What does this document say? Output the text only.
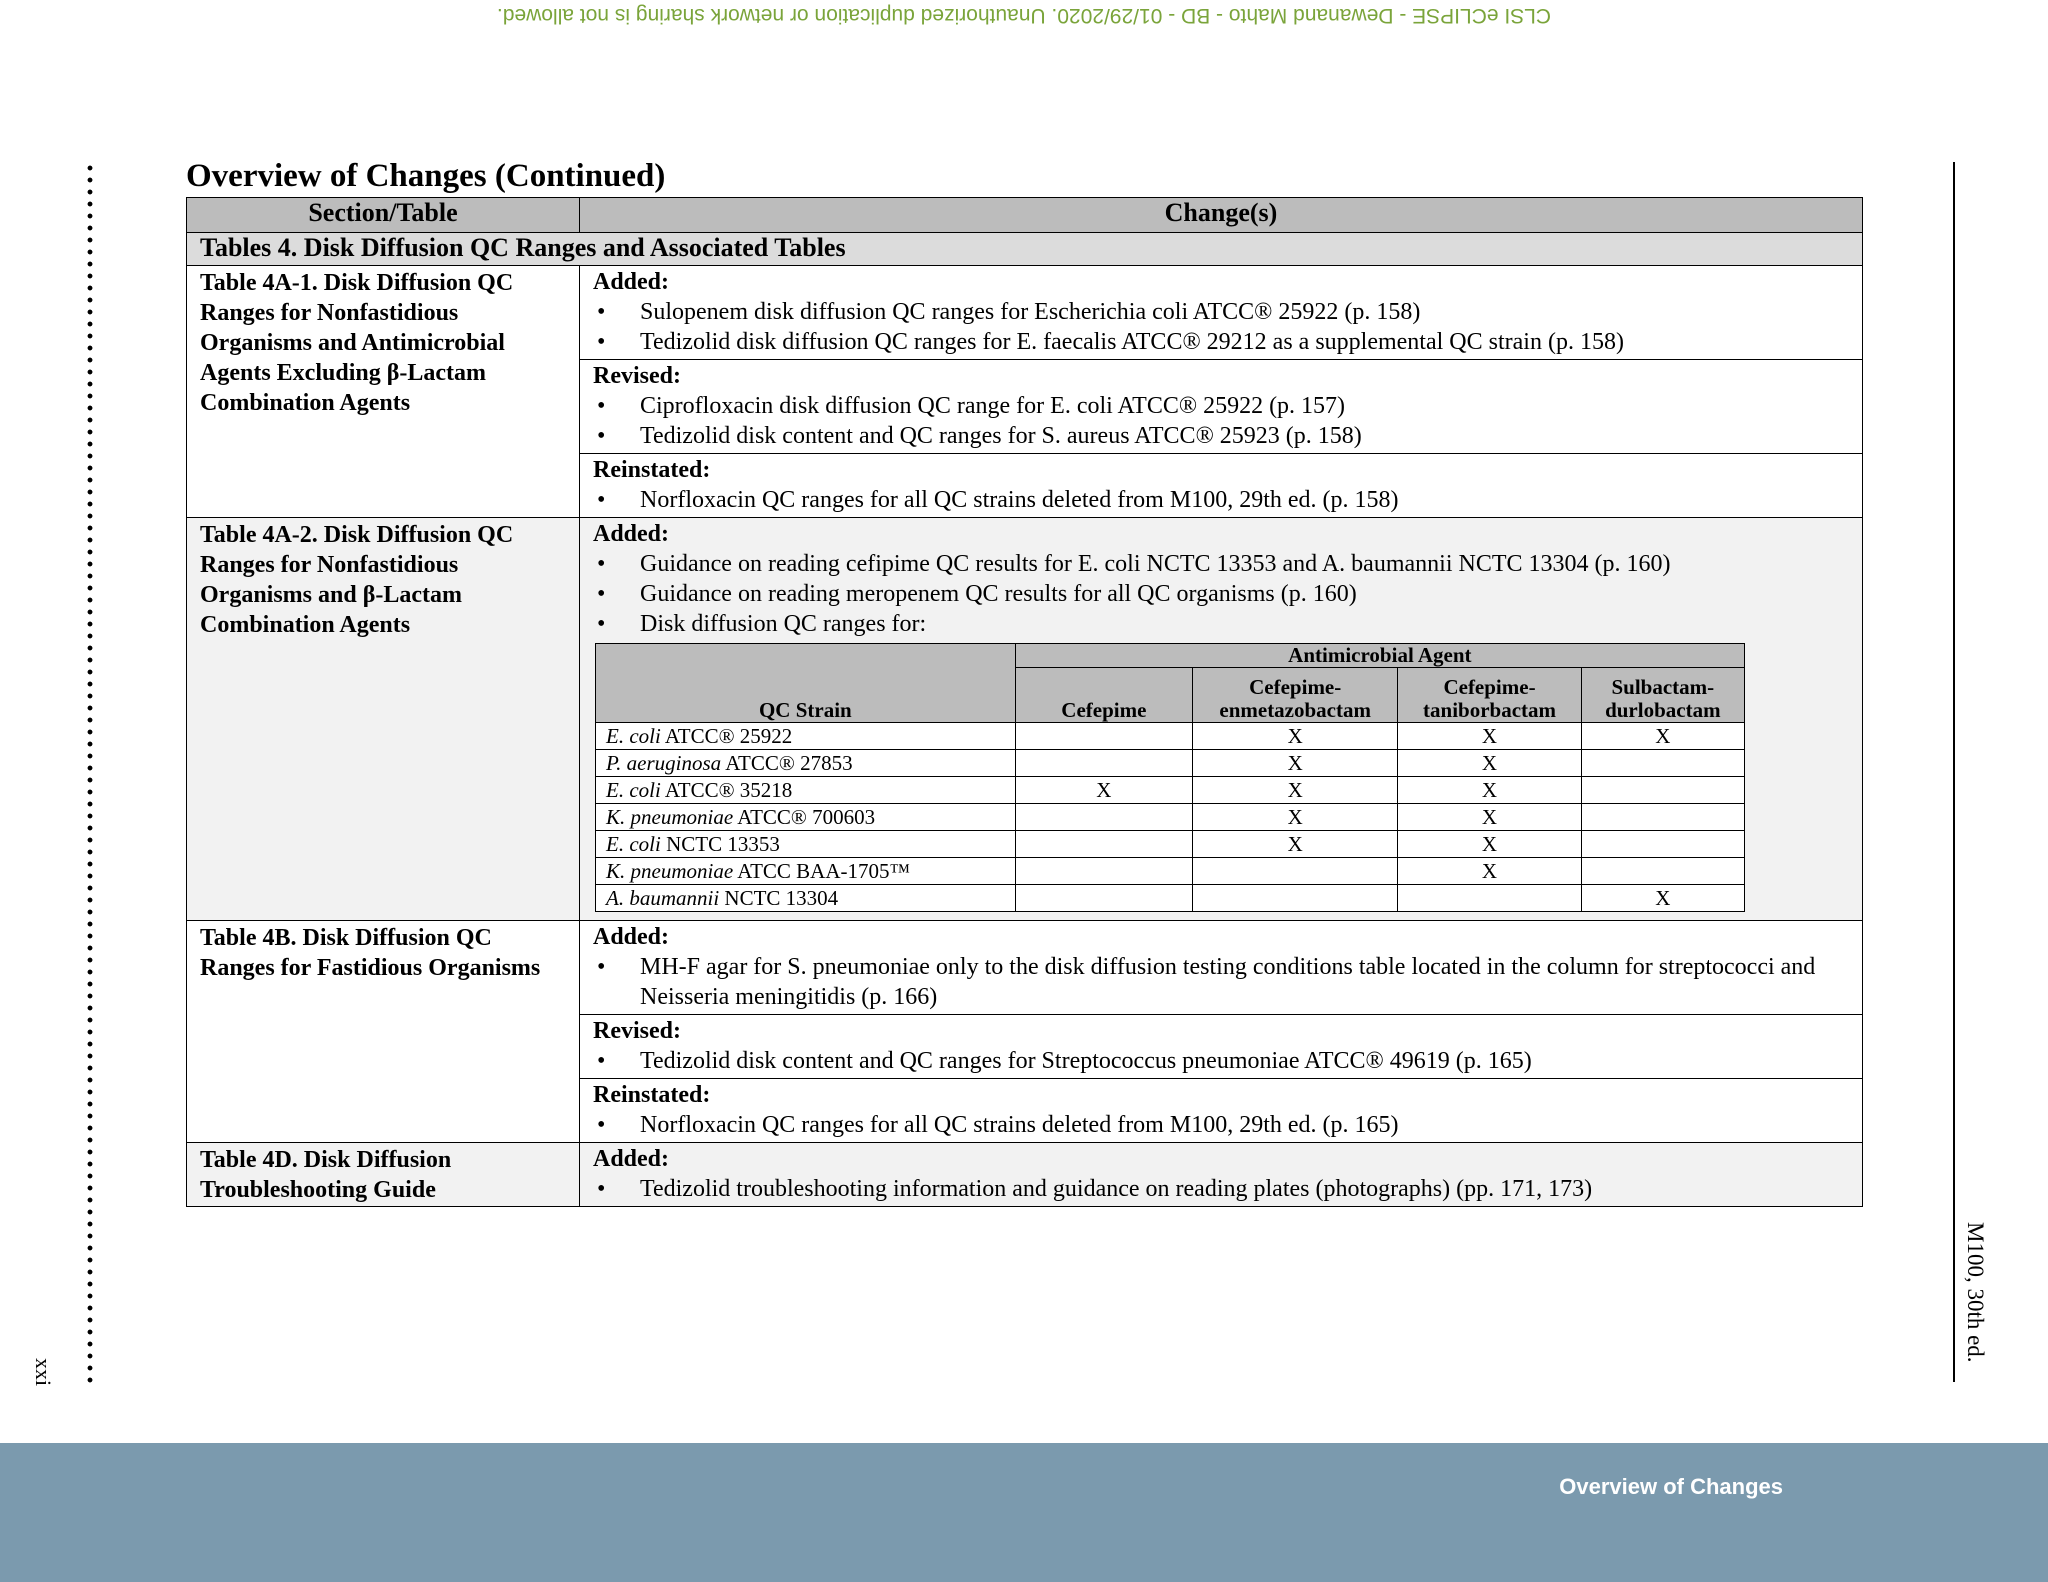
CLSI eCLIPSE - Dewanand Mahto - BD - 01/29/2020. Unauthorized duplication or network sharing is not allowed.
xxi
M100, 30th ed.
Overview of Changes (Continued)
Section/Table	Change(s)
Tables 4. Disk Diffusion QC Ranges and Associated Tables
Table 4A-1. Disk Diffusion QC Ranges for Nonfastidious Organisms and Antimicrobial Agents Excluding β-Lactam Combination Agents	
Added:
• Sulopenem disk diffusion QC ranges for Escherichia coli ATCC® 25922 (p. 158)
• Tedizolid disk diffusion QC ranges for E. faecalis ATCC® 29212 as a supplemental QC strain (p. 158)
Revised:
• Ciprofloxacin disk diffusion QC range for E. coli ATCC® 25922 (p. 157)
• Tedizolid disk content and QC ranges for S. aureus ATCC® 25923 (p. 158)
Reinstated:
• Norfloxacin QC ranges for all QC strains deleted from M100, 29th ed. (p. 158)

Table 4A-2. Disk Diffusion QC Ranges for Nonfastidious Organisms and β-Lactam Combination Agents	
Added:
• Guidance on reading cefipime QC results for E. coli NCTC 13353 and A. baumannii NCTC 13304 (p. 160)
• Guidance on reading meropenem QC results for all QC organisms (p. 160)
• Disk diffusion QC ranges for:
QC Strain	Antimicrobial Agent
Cefepime	Cefepime-enmetazobactam	Cefepime-taniborbactam	Sulbactam-durlobactam
E. coli ATCC® 25922		X	X	X
P. aeruginosa ATCC® 27853		X	X	
E. coli ATCC® 35218	X	X	X	
K. pneumoniae ATCC® 700603		X	X	
E. coli NCTC 13353		X	X	
K. pneumoniae ATCC BAA-1705™			X	
A. baumannii NCTC 13304				X

Table 4B. Disk Diffusion QC Ranges for Fastidious Organisms	
Added:
• MH-F agar for S. pneumoniae only to the disk diffusion testing conditions table located in the column for streptococci and Neisseria meningitidis (p. 166)
Revised:
• Tedizolid disk content and QC ranges for Streptococcus pneumoniae ATCC® 49619 (p. 165)
Reinstated:
• Norfloxacin QC ranges for all QC strains deleted from M100, 29th ed. (p. 165)

Table 4D. Disk Diffusion Troubleshooting Guide	
Added:
• Tedizolid troubleshooting information and guidance on reading plates (photographs) (pp. 171, 173)
Overview of Changes
